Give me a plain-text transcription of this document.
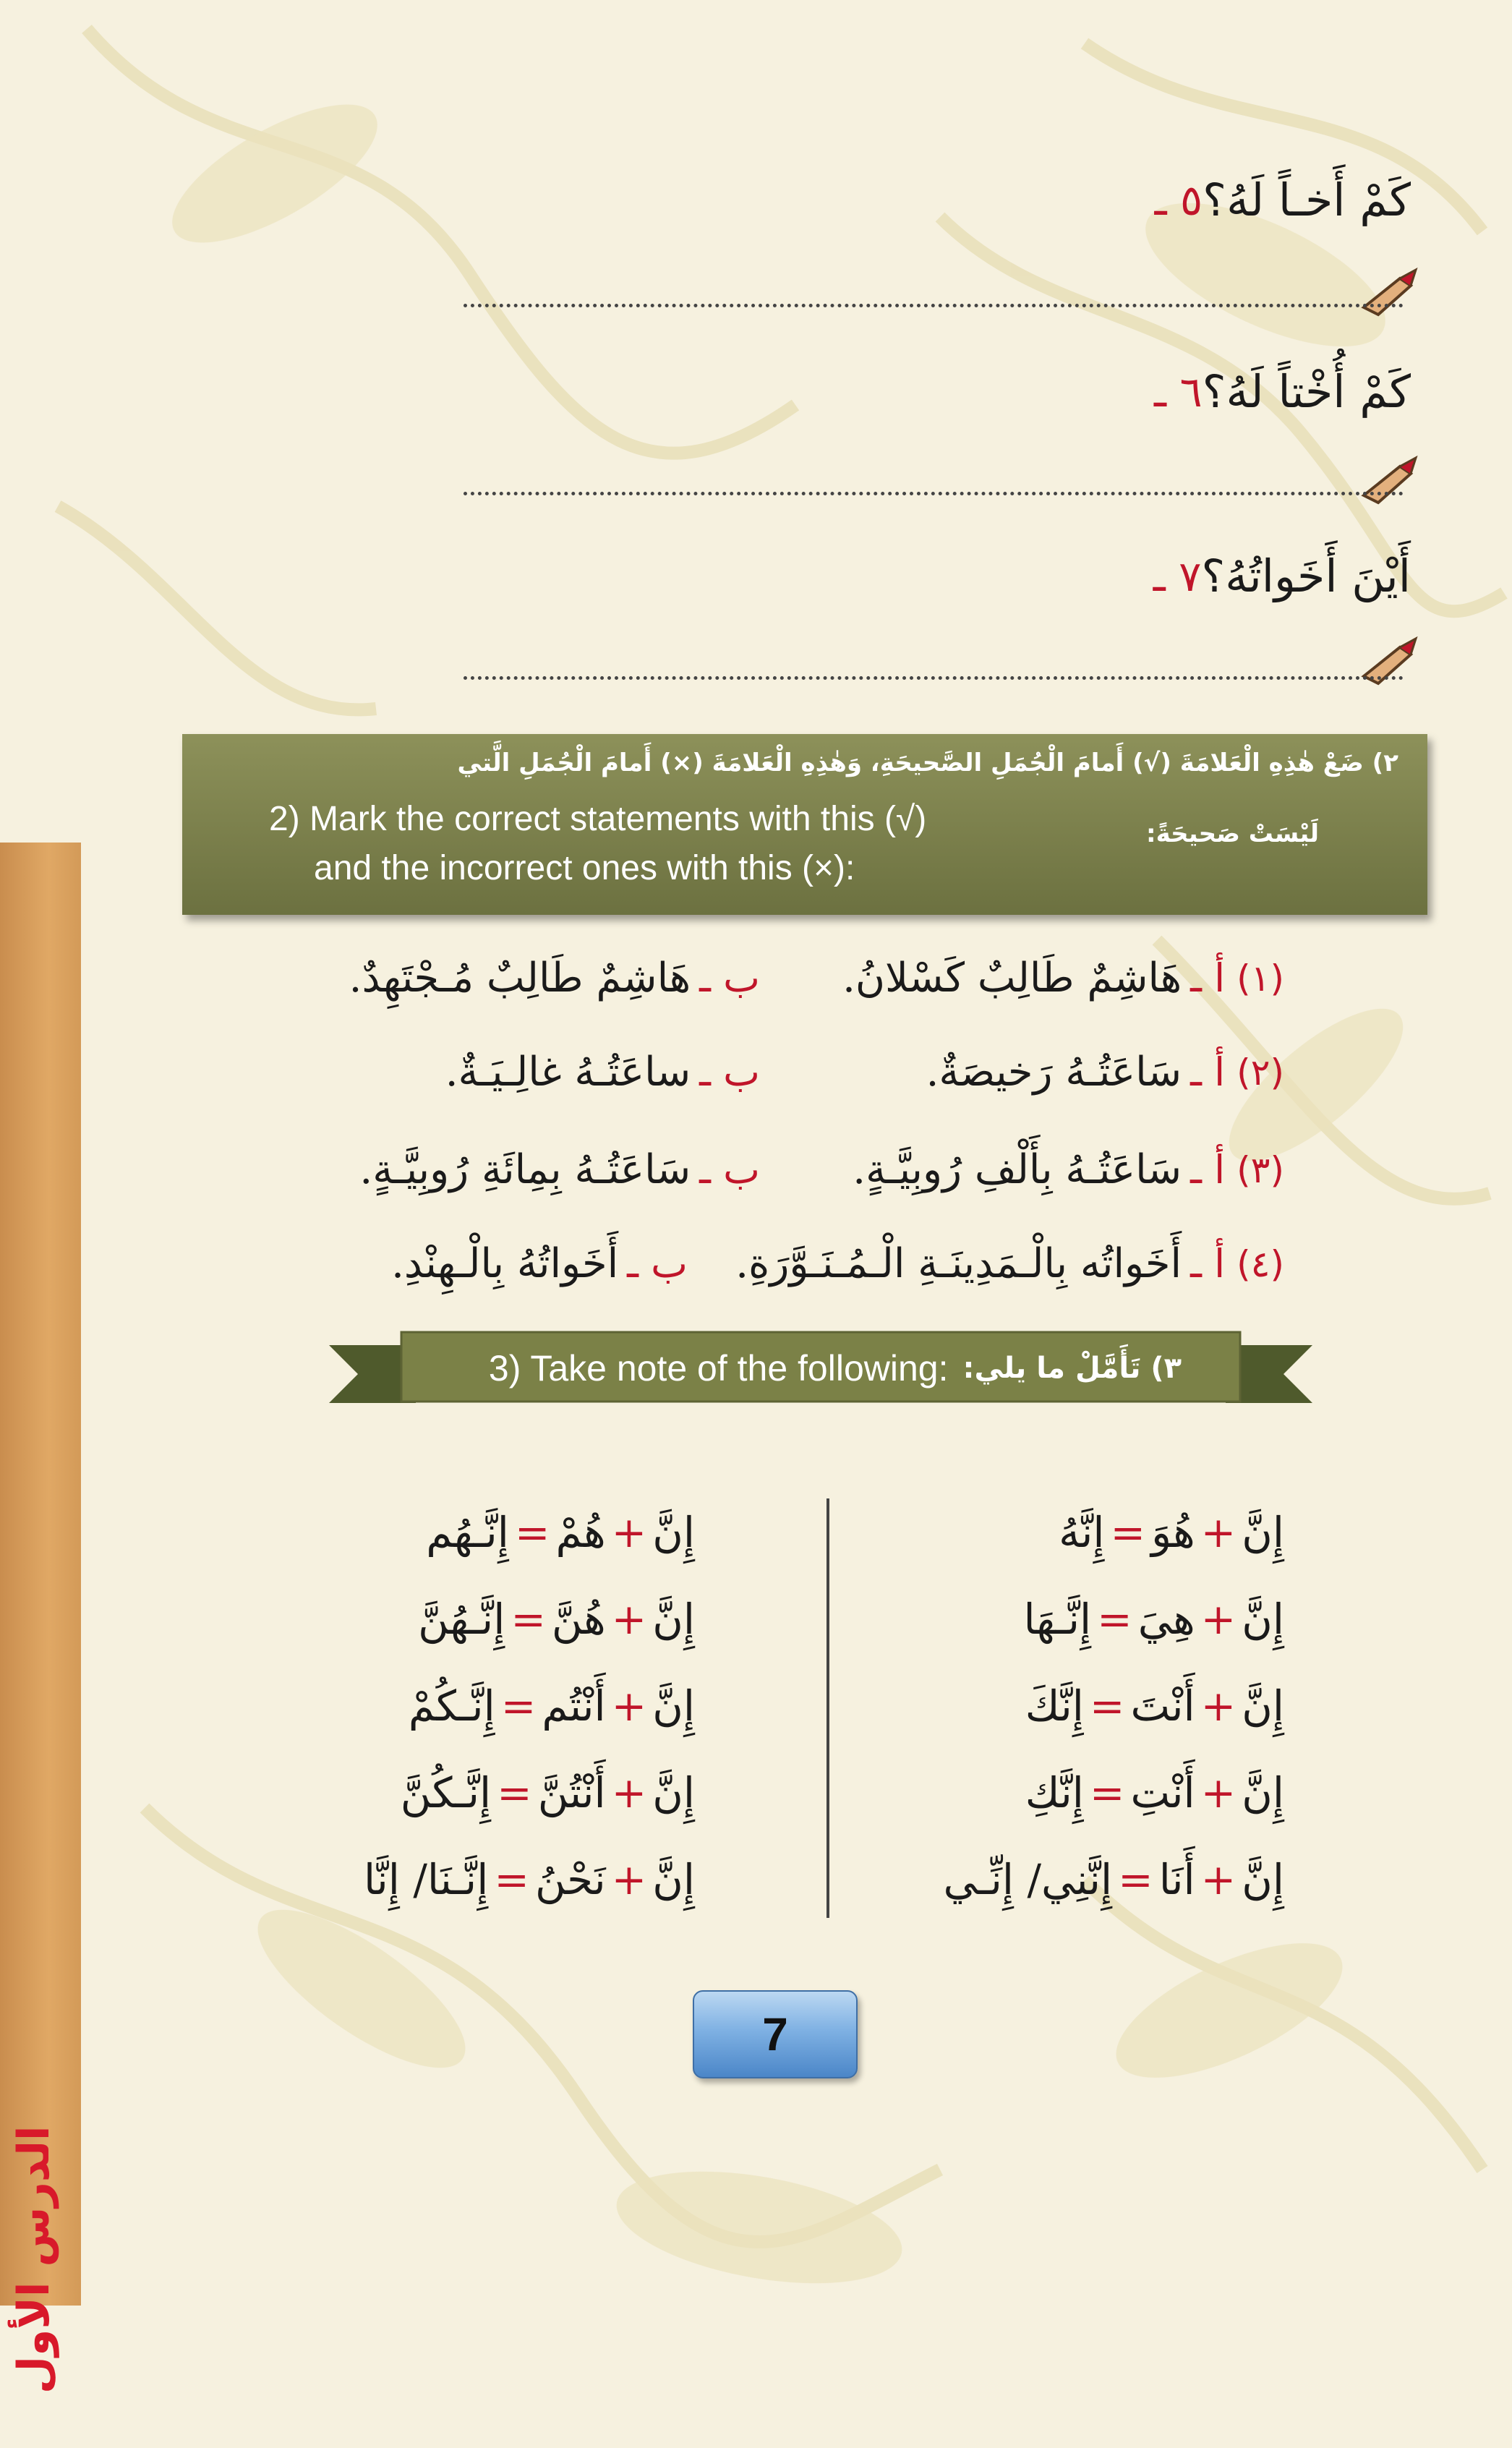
٥ ـ كَمْ أَخـاً لَهُ؟
٦ ـ كَمْ أُخْتاً لَهُ؟
٧ ـ أَيْنَ أَخَواتُهُ؟
٢) ضَعْ هٰذِهِ الْعَلامَةَ (√) أَمامَ الْجُمَلِ الصَّحيحَةِ، وَهٰذِهِ الْعَلامَةَ (×) أَمامَ الْجُمَلِ الَّتي
لَيْسَتْ صَحيحَةً:
2) Mark the correct statements with this (√)
and the incorrect ones with this (×):
(١)
أ ـ
هَاشِمٌ طَالِبٌ كَسْلانُ.
ب ـ
هَاشِمٌ طَالِبٌ مُـجْتَهِدٌ.
(٢)
أ ـ
سَاعَتُـهُ رَخيصَةٌ.
ب ـ
ساعَتُـهُ غالِـيَـةٌ.
(٣)
أ ـ
سَاعَتُـهُ بِأَلْفِ رُوبِيَّـةٍ.
ب ـ
سَاعَتُـهُ بِمِائَةِ رُوبِيَّـةٍ.
(٤)
أ ـ
أَخَواتُه بِالْـمَدِينَـةِ الْـمُـنَـوَّرَةِ.
ب ـ
أَخَواتُهُ بِالْـهِنْدِ.
3) Take note of the following: ٣) تَأَمَّلْ ما يلي:
إِنَّ+هُوَ=إِنَّهُ
إِنَّ+هِيَ=إِنَّـهَا
إِنَّ+أَنْتَ=إِنَّكَ
إِنَّ+أَنْتِ=إِنَّكِ
إِنَّ+أَنَا=إِنَّنِي/ إِنِّـي
إِنَّ+هُمْ=إِنَّـهُم
إِنَّ+هُنَّ=إِنَّـهُنَّ
إِنَّ+أَنْتُم=إِنَّـكُمْ
إِنَّ+أَنْتُنَّ=إِنَّـكُنَّ
إِنَّ+نَحْنُ=إِنَّـنَا/ إِنَّا
الدرس الأول
7
